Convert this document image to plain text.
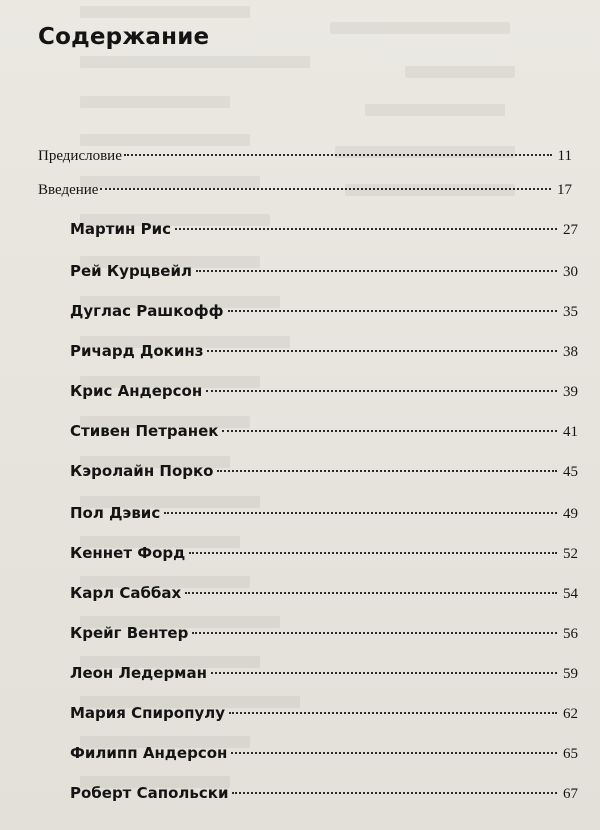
Содержание
Предисловие	11
Введение	17
Мартин Рис	27
Рей Курцвейл	30
Дуглас Рашкофф	35
Ричард Докинз	38
Крис Андерсон	39
Стивен Петранек	41
Кэролайн Порко	45
Пол Дэвис	49
Кеннет Форд	52
Карл Саббах	54
Крейг Вентер	56
Леон Ледерман	59
Мария Спиропулу	62
Филипп Андерсон	65
Роберт Сапольски	67
